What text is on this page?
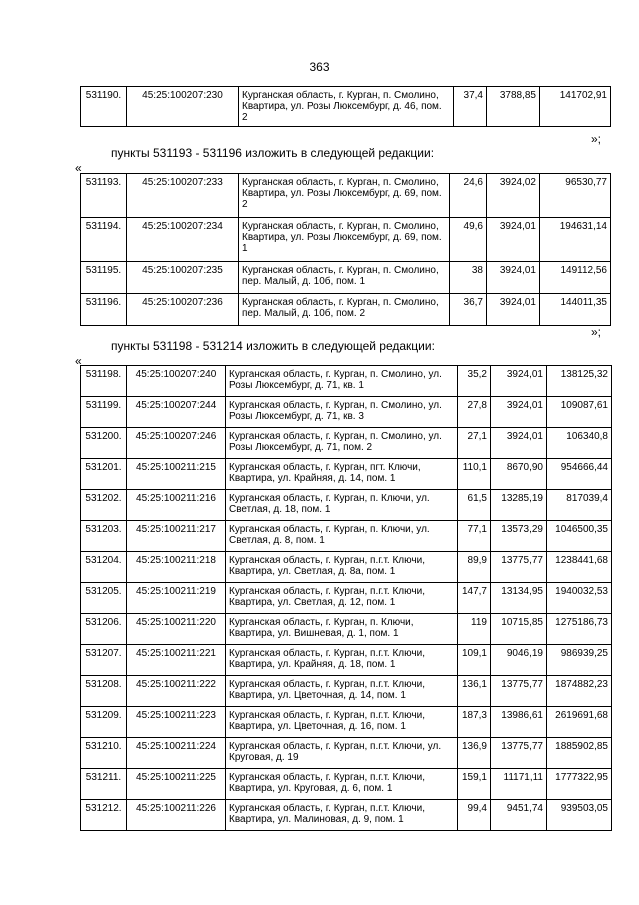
363
531190.	45:25:100207:230	Курганская область, г. Курган, п. Смолино, Квартира, ул. Розы Люксембург, д. 46, пом. 2	37,4	3788,85	141702,91
»;
пункты 531193 - 531196 изложить в следующей редакции:
«
531193.	45:25:100207:233	Курганская область, г. Курган, п. Смолино, Квартира, ул. Розы Люксембург, д. 69, пом. 2	24,6	3924,02	96530,77
531194.	45:25:100207:234	Курганская область, г. Курган, п. Смолино, Квартира, ул. Розы Люксембург, д. 69, пом. 1	49,6	3924,01	194631,14
531195.	45:25:100207:235	Курганская область, г. Курган, п. Смолино, пер. Малый, д. 10б, пом. 1	38	3924,01	149112,56
531196.	45:25:100207:236	Курганская область, г. Курган, п. Смолино, пер. Малый, д. 10б, пом. 2	36,7	3924,01	144011,35
»;
пункты 531198 - 531214 изложить в следующей редакции:
«
531198.	45:25:100207:240	Курганская область, г. Курган, п. Смолино, ул. Розы Люксембург, д. 71, кв. 1	35,2	3924,01	138125,32
531199.	45:25:100207:244	Курганская область, г. Курган, п. Смолино, ул. Розы Люксембург, д. 71, кв. 3	27,8	3924,01	109087,61
531200.	45:25:100207:246	Курганская область, г. Курган, п. Смолино, ул. Розы Люксембург, д. 71, пом. 2	27,1	3924,01	106340,8
531201.	45:25:100211:215	Курганская область, г. Курган, пгт. Ключи, Квартира, ул. Крайняя, д. 14, пом. 1	110,1	8670,90	954666,44
531202.	45:25:100211:216	Курганская область, г. Курган, п. Ключи, ул. Светлая, д. 18, пом. 1	61,5	13285,19	817039,4
531203.	45:25:100211:217	Курганская область, г. Курган, п. Ключи, ул. Светлая, д. 8, пом. 1	77,1	13573,29	1046500,35
531204.	45:25:100211:218	Курганская область, г. Курган, п.г.т. Ключи, Квартира, ул. Светлая, д. 8а, пом. 1	89,9	13775,77	1238441,68
531205.	45:25:100211:219	Курганская область, г. Курган, п.г.т. Ключи, Квартира, ул. Светлая, д. 12, пом. 1	147,7	13134,95	1940032,53
531206.	45:25:100211:220	Курганская область, г. Курган, п. Ключи, Квартира, ул. Вишневая, д. 1, пом. 1	119	10715,85	1275186,73
531207.	45:25:100211:221	Курганская область, г. Курган, п.г.т. Ключи, Квартира, ул. Крайняя, д. 18, пом. 1	109,1	9046,19	986939,25
531208.	45:25:100211:222	Курганская область, г. Курган, п.г.т. Ключи, Квартира, ул. Цветочная, д. 14, пом. 1	136,1	13775,77	1874882,23
531209.	45:25:100211:223	Курганская область, г. Курган, п.г.т. Ключи, Квартира, ул. Цветочная, д. 16, пом. 1	187,3	13986,61	2619691,68
531210.	45:25:100211:224	Курганская область, г. Курган, п.г.т. Ключи, ул. Круговая, д. 19	136,9	13775,77	1885902,85
531211.	45:25:100211:225	Курганская область, г. Курган, п.г.т. Ключи, Квартира, ул. Круговая, д. 6, пом. 1	159,1	11171,11	1777322,95
531212.	45:25:100211:226	Курганская область, г. Курган, п.г.т. Ключи, Квартира, ул. Малиновая, д. 9, пом. 1	99,4	9451,74	939503,05
